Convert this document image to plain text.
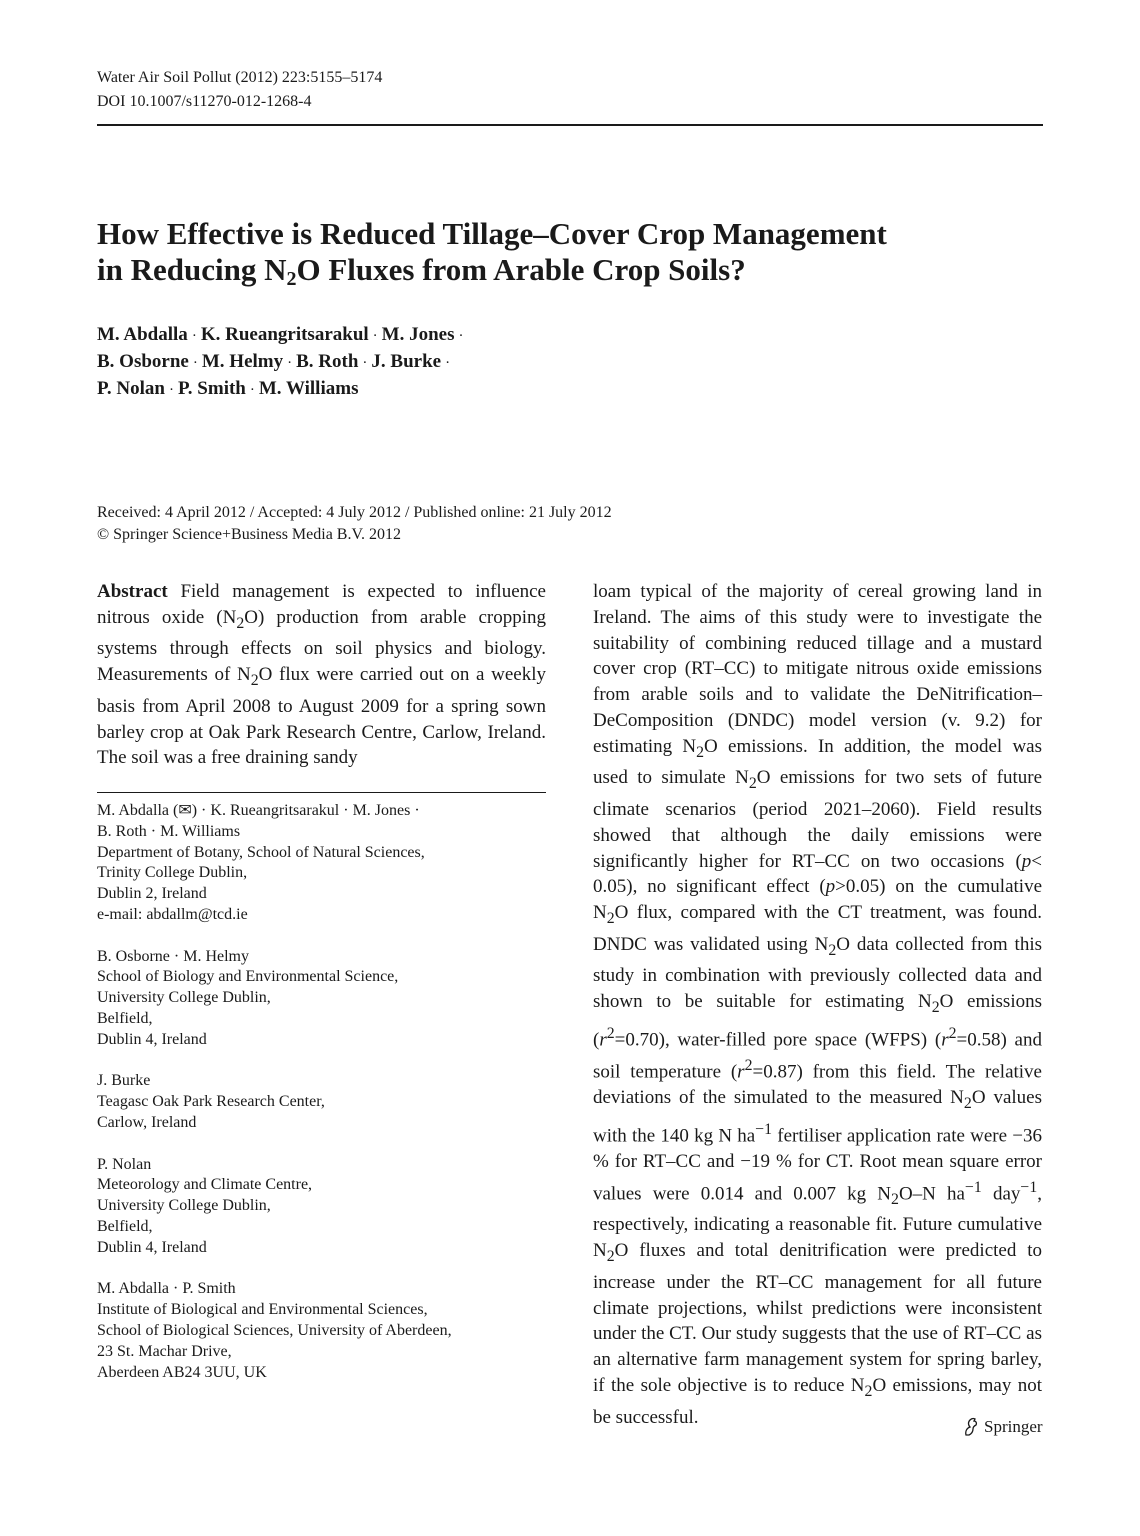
Water Air Soil Pollut (2012) 223:5155–5174
DOI 10.1007/s11270-012-1268-4
How Effective is Reduced Tillage–Cover Crop Management
in Reducing $N_2O$ Fluxes from Arable Crop Soils?
M. Abdalla · K. Rueangritsarakul · M. Jones ·
B. Osborne · M. Helmy · B. Roth · J. Burke ·
P. Nolan · P. Smith · M. Williams
Received: 4 April 2012 / Accepted: 4 July 2012 / Published online: 21 July 2012
© Springer Science+Business Media B.V. 2012

Abstract Field management is expected to influence nitrous oxide $(N_2O)$ production from arable cropping systems through effects on soil physics and biology. Measurements of $N_2O$ flux were carried out on a weekly basis from April 2008 to August 2009 for a spring sown barley crop at Oak Park Research Centre, Carlow, Ireland. The soil was a free draining sandy

M. Abdalla (✉) · K. Rueangritsarakul · M. Jones ·
B. Roth · M. Williams
Department of Botany, School of Natural Sciences,
Trinity College Dublin,
Dublin 2, Ireland
e-mail: abdallm@tcd.ie
B. Osborne · M. Helmy
School of Biology and Environmental Science,
University College Dublin,
Belfield,
Dublin 4, Ireland
J. Burke
Teagasc Oak Park Research Center,
Carlow, Ireland
P. Nolan
Meteorology and Climate Centre,
University College Dublin,
Belfield,
Dublin 4, Ireland
M. Abdalla · P. Smith
Institute of Biological and Environmental Sciences,
School of Biological Sciences, University of Aberdeen,
23 St. Machar Drive,
Aberdeen AB24 3UU, UK

loam typical of the majority of cereal growing land in Ireland. The aims of this study were to investigate the suitability of combining reduced tillage and a mustard cover crop (RT–CC) to mitigate nitrous oxide emissions from arable soils and to validate the DeNitrification–DeComposition (DNDC) model version (v. 9.2) for estimating $N_2O$ emissions. In addition, the model was used to simulate $N_2O$ emissions for two sets of future climate scenarios (period 2021–2060). Field results showed that although the daily emissions were significantly higher for RT–CC on two occasions (p< 0.05), no significant effect (p>0.05) on the cumulative $N_2O$ flux, compared with the CT treatment, was found. DNDC was validated using $N_2O$ data collected from this study in combination with previously collected data and shown to be suitable for estimating $N_2O$ emissions $(r^2=0.70)$, water-filled pore space (WFPS) $(r^2=0.58)$ and soil temperature $(r^2=0.87)$ from this field. The relative deviations of the simulated to the measured $N_2O$ values with the 140 kg N $ha^{-1}$ fertiliser application rate were −36 % for RT–CC and −19 % for CT. Root mean square error values were 0.014 and 0.007 kg $N_2O-N$ $ha^{-1}$ day$^{-1}$, respectively, indicating a reasonable fit. Future cumulative $N_2O$ fluxes and total denitrification were predicted to increase under the RT–CC management for all future climate projections, whilst predictions were inconsistent under the CT. Our study suggests that the use of RT–CC as an alternative farm management system for spring barley, if the sole objective is to reduce $N_2O$ emissions, may not be successful.	Springer
